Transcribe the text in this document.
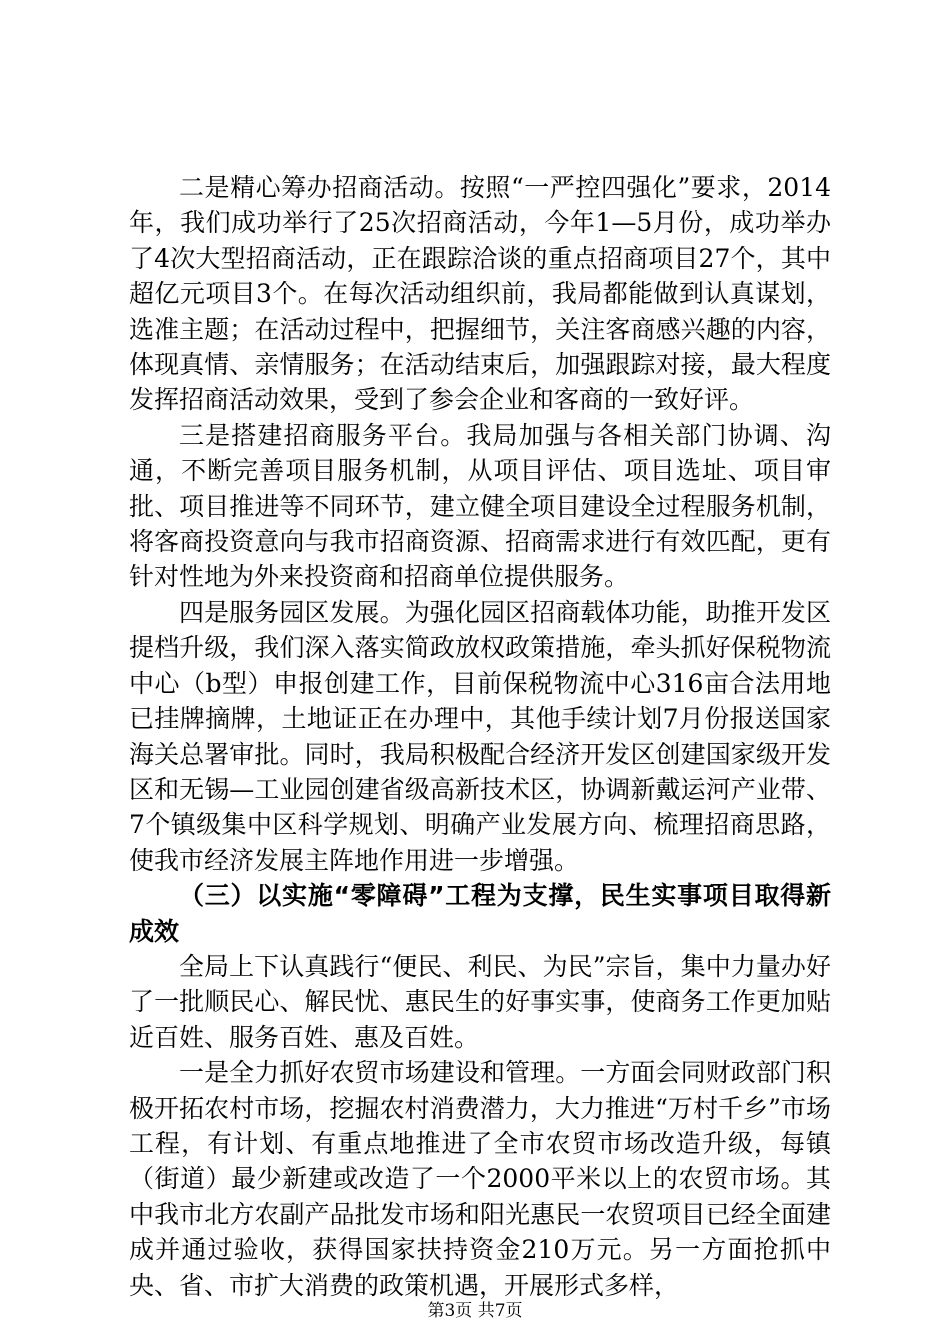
二是精心筹办招商活动。按照“一严控四强化”要求，2014年，我们成功举行了25次招商活动，今年1—5月份，成功举办了4次大型招商活动，正在跟踪洽谈的重点招商项目27个，其中超亿元项目3个。在每次活动组织前，我局都能做到认真谋划，选准主题；在活动过程中，把握细节，关注客商感兴趣的内容，体现真情、亲情服务；在活动结束后，加强跟踪对接，最大程度发挥招商活动效果，受到了参会企业和客商的一致好评。

三是搭建招商服务平台。我局加强与各相关部门协调、沟通，不断完善项目服务机制，从项目评估、项目选址、项目审批、项目推进等不同环节，建立健全项目建设全过程服务机制，将客商投资意向与我市招商资源、招商需求进行有效匹配，更有针对性地为外来投资商和招商单位提供服务。

四是服务园区发展。为强化园区招商载体功能，助推开发区提档升级，我们深入落实简政放权政策措施，牵头抓好保税物流中心（b型）申报创建工作，目前保税物流中心316亩合法用地已挂牌摘牌，土地证正在办理中，其他手续计划7月份报送国家海关总署审批。同时，我局积极配合经济开发区创建国家级开发区和无锡—工业园创建省级高新技术区，协调新戴运河产业带、7个镇级集中区科学规划、明确产业发展方向、梳理招商思路，使我市经济发展主阵地作用进一步增强。

（三）以实施“零障碍”工程为支撑，民生实事项目取得新成效

全局上下认真践行“便民、利民、为民”宗旨，集中力量办好了一批顺民心、解民忧、惠民生的好事实事，使商务工作更加贴近百姓、服务百姓、惠及百姓。

一是全力抓好农贸市场建设和管理。一方面会同财政部门积极开拓农村市场，挖掘农村消费潜力，大力推进“万村千乡”市场工程，有计划、有重点地推进了全市农贸市场改造升级，每镇（街道）最少新建或改造了一个2000平米以上的农贸市场。其中我市北方农副产品批发市场和阳光惠民一农贸项目已经全面建成并通过验收，获得国家扶持资金210万元。另一方面抢抓中央、省、市扩大消费的政策机遇，开展形式多样，

第3页 共7页
